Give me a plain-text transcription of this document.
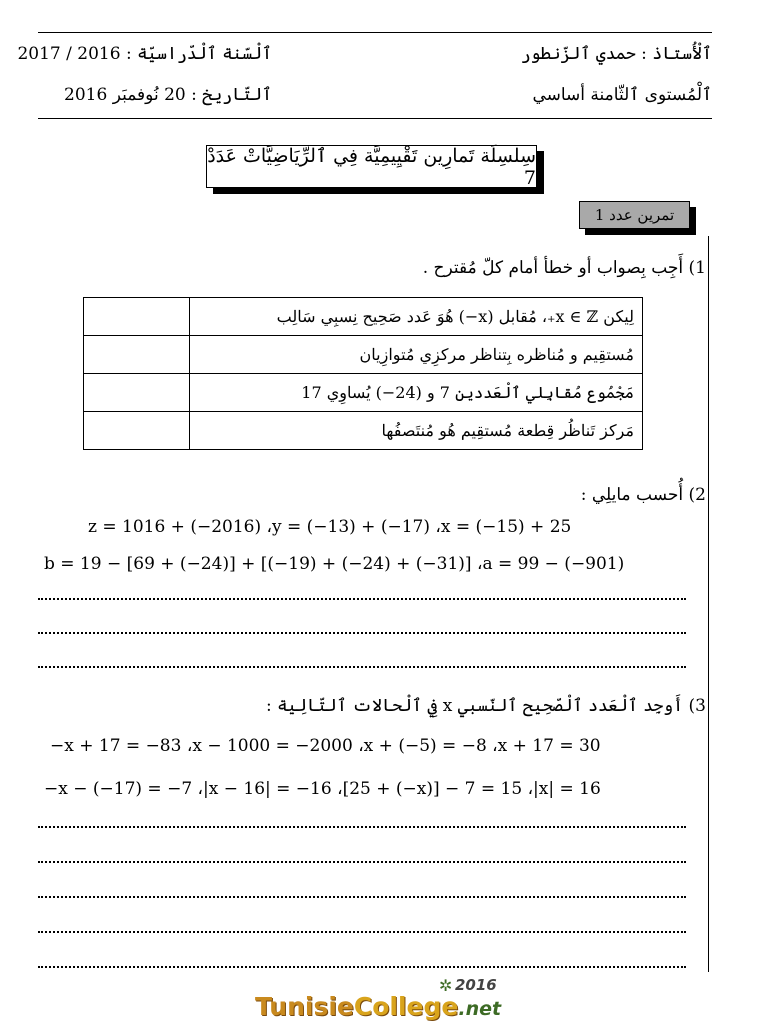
ٱلْأُستاذ : حمدي ٱلزّنطور
ٱلْمُستوى ٱلثّامنة أساسي
ٱلْسّنة ٱلْدّراسيّة : 2016 / 2017
ٱلتّاريخ : 20 نُوفمبَر 2016
سِلسِلَة تَمارِين تَقْيِيمِيَّة فِي ٱلرِّيَاضِيَّاتْ عَدَدْ 7
تمرين عدد 1
1) أَجِب بِصواب أو خطأ أمام كلّ مُقترح .
	لِيكن x ∈ ℤ₊، مُقابل (x−) هُوَ عَدد صَحِيح نِسبِي سَالِب
	مُستقِيم و مُناظره بِتناظر مركزِي مُتوازِيان
	مَجْمُوع مُقابِلي ٱلْعَددين 7 و (24−) يُساوِي 17
	مَركز تَناظُر قِطعة مُستقِيم هُو مُنتَصفُها
2) أُحسب مايلِي :
z = 1016 + (−2016) ،y = (−13) + (−17) ،x = (−15) + 25
b = 19 − [69 + (−24)] + [(−19) + (−24) + (−31)] ،a = 99 − (−901)
3) أَوجِد ٱلْعَدد ٱلْصّحِيح ٱلنّسبي x فِي ٱلْحالات ٱلتّالِية :
−x + 17 = −83 ،x − 1000 = −2000 ،x + (−5) = −8 ،x + 17 = 30
−x − (−17) = −7 ،|x − 16| = −16 ،[25 + (−x)] − 7 = 15 ،|x| = 16
✲ 2016
TunisieCollege.net
